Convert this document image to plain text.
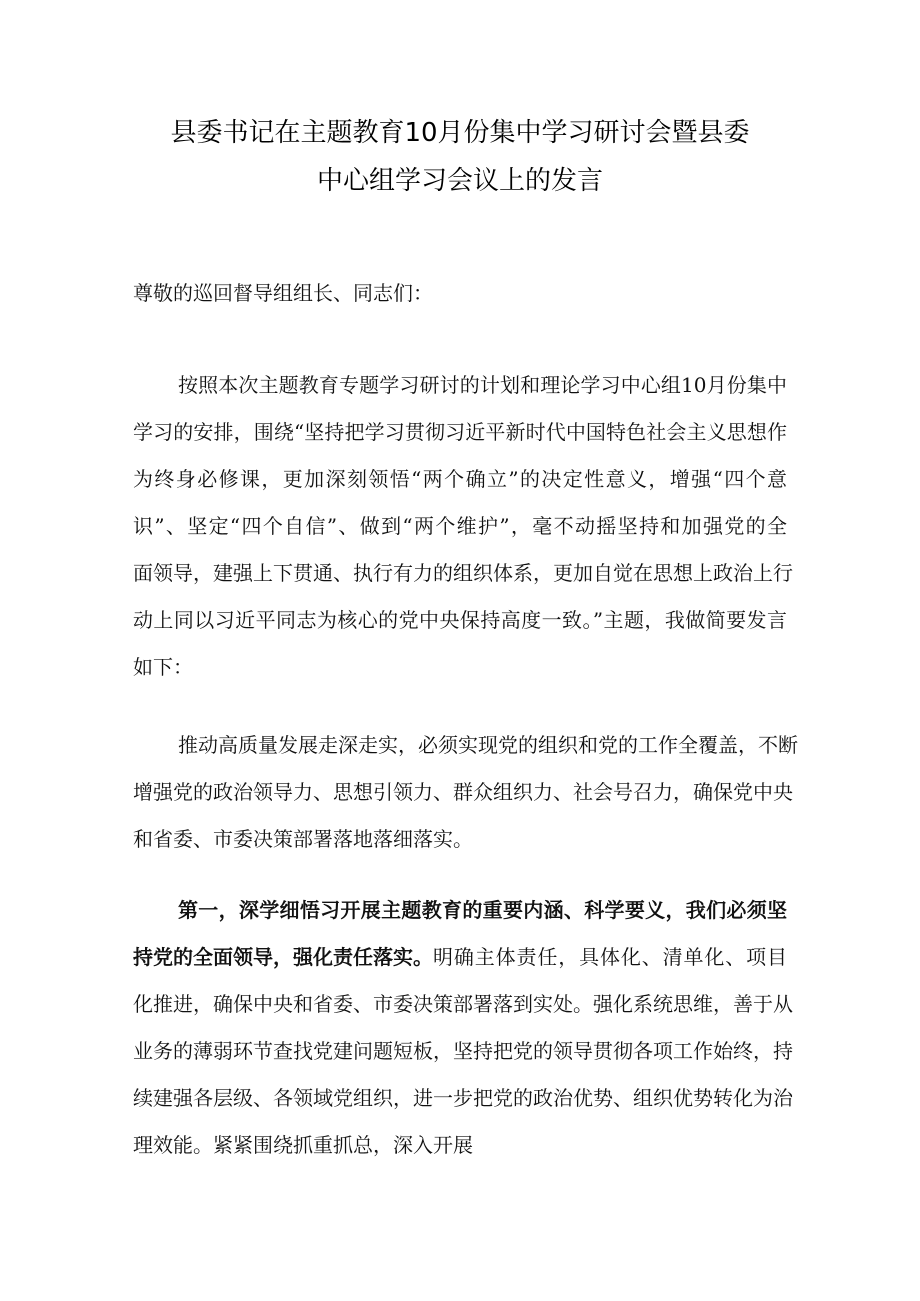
县委书记在主题教育10月份集中学习研讨会暨县委
中心组学习会议上的发言
尊敬的巡回督导组组长、同志们：
按照本次主题教育专题学习研讨的计划和理论学习中心组10月份集中
学习的安排，围绕“坚持把学习贯彻习近平新时代中国特色社会主义思想作
为终身必修课，更加深刻领悟“两个确立”的决定性意义，增强“四个意
识”、坚定“四个自信”、做到“两个维护”，毫不动摇坚持和加强党的全
面领导，建强上下贯通、执行有力的组织体系，更加自觉在思想上政治上行
动上同以习近平同志为核心的党中央保持高度一致。”主题，我做简要发言
如下：
推动高质量发展走深走实，必须实现党的组织和党的工作全覆盖，不断
增强党的政治领导力、思想引领力、群众组织力、社会号召力，确保党中央
和省委、市委决策部署落地落细落实。
第一，深学细悟习开展主题教育的重要内涵、科学要义，我们必须坚
持党的全面领导，强化责任落实。 明确主体责任，具体化、清单化、项目
化推进，确保中央和省委、市委决策部署落到实处。强化系统思维，善于从
业务的薄弱环节查找党建问题短板，坚持把党的领导贯彻各项工作始终，持
续建强各层级、各领域党组织，进一步把党的政治优势、组织优势转化为治
理效能。紧紧围绕抓重抓总，深入开展
